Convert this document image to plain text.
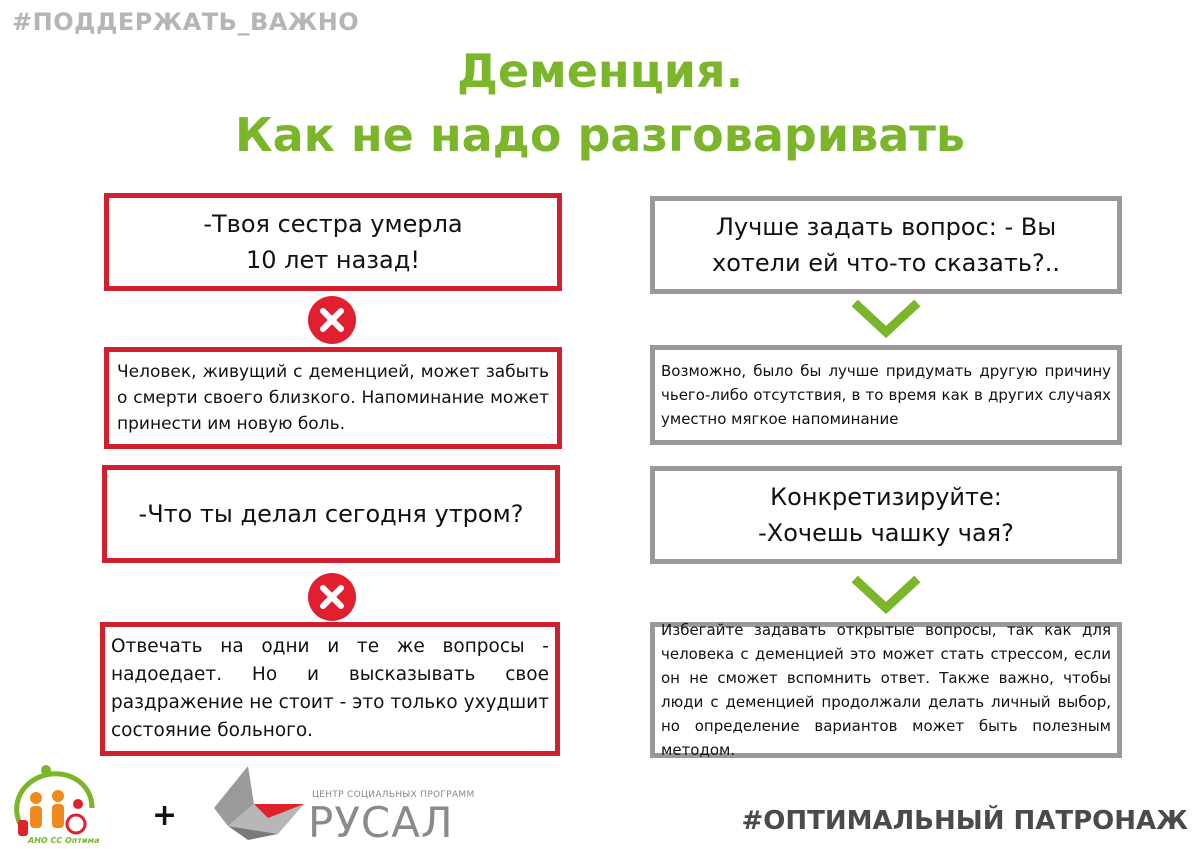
#ПОДДЕРЖАТЬ_ВАЖНО
Деменция.
Как не надо разговаривать
-Твоя сестра умерла
10 лет назад!
Человек, живущий с деменцией, может забыть о смерти своего близкого. Напоминание может принести им новую боль.
-Что ты делал сегодня утром?
Отвечать на одни и те же вопросы - надоедает. Но и высказывать свое раздражение не стоит - это только ухудшит состояние больного.
Лучше задать вопрос: - Вы
хотели ей что-то сказать?..
Возможно, было бы лучше придумать другую причину чьего-либо отсутствия, в то время как в других случаях уместно мягкое напоминание
Конкретизируйте:
-Хочешь чашку чая?
Избегайте задавать открытые вопросы, так как для человека с деменцией это может стать стрессом, если он не сможет вспомнить ответ. Также важно, чтобы люди с деменцией продолжали делать личный выбор, но определение вариантов может быть полезным методом.
АНО СС Оптима
+
ЦЕНТР СОЦИАЛЬНЫХ ПРОГРАММ
РУСАЛ	#ОПТИМАЛЬНЫЙ ПАТРОНАЖ
